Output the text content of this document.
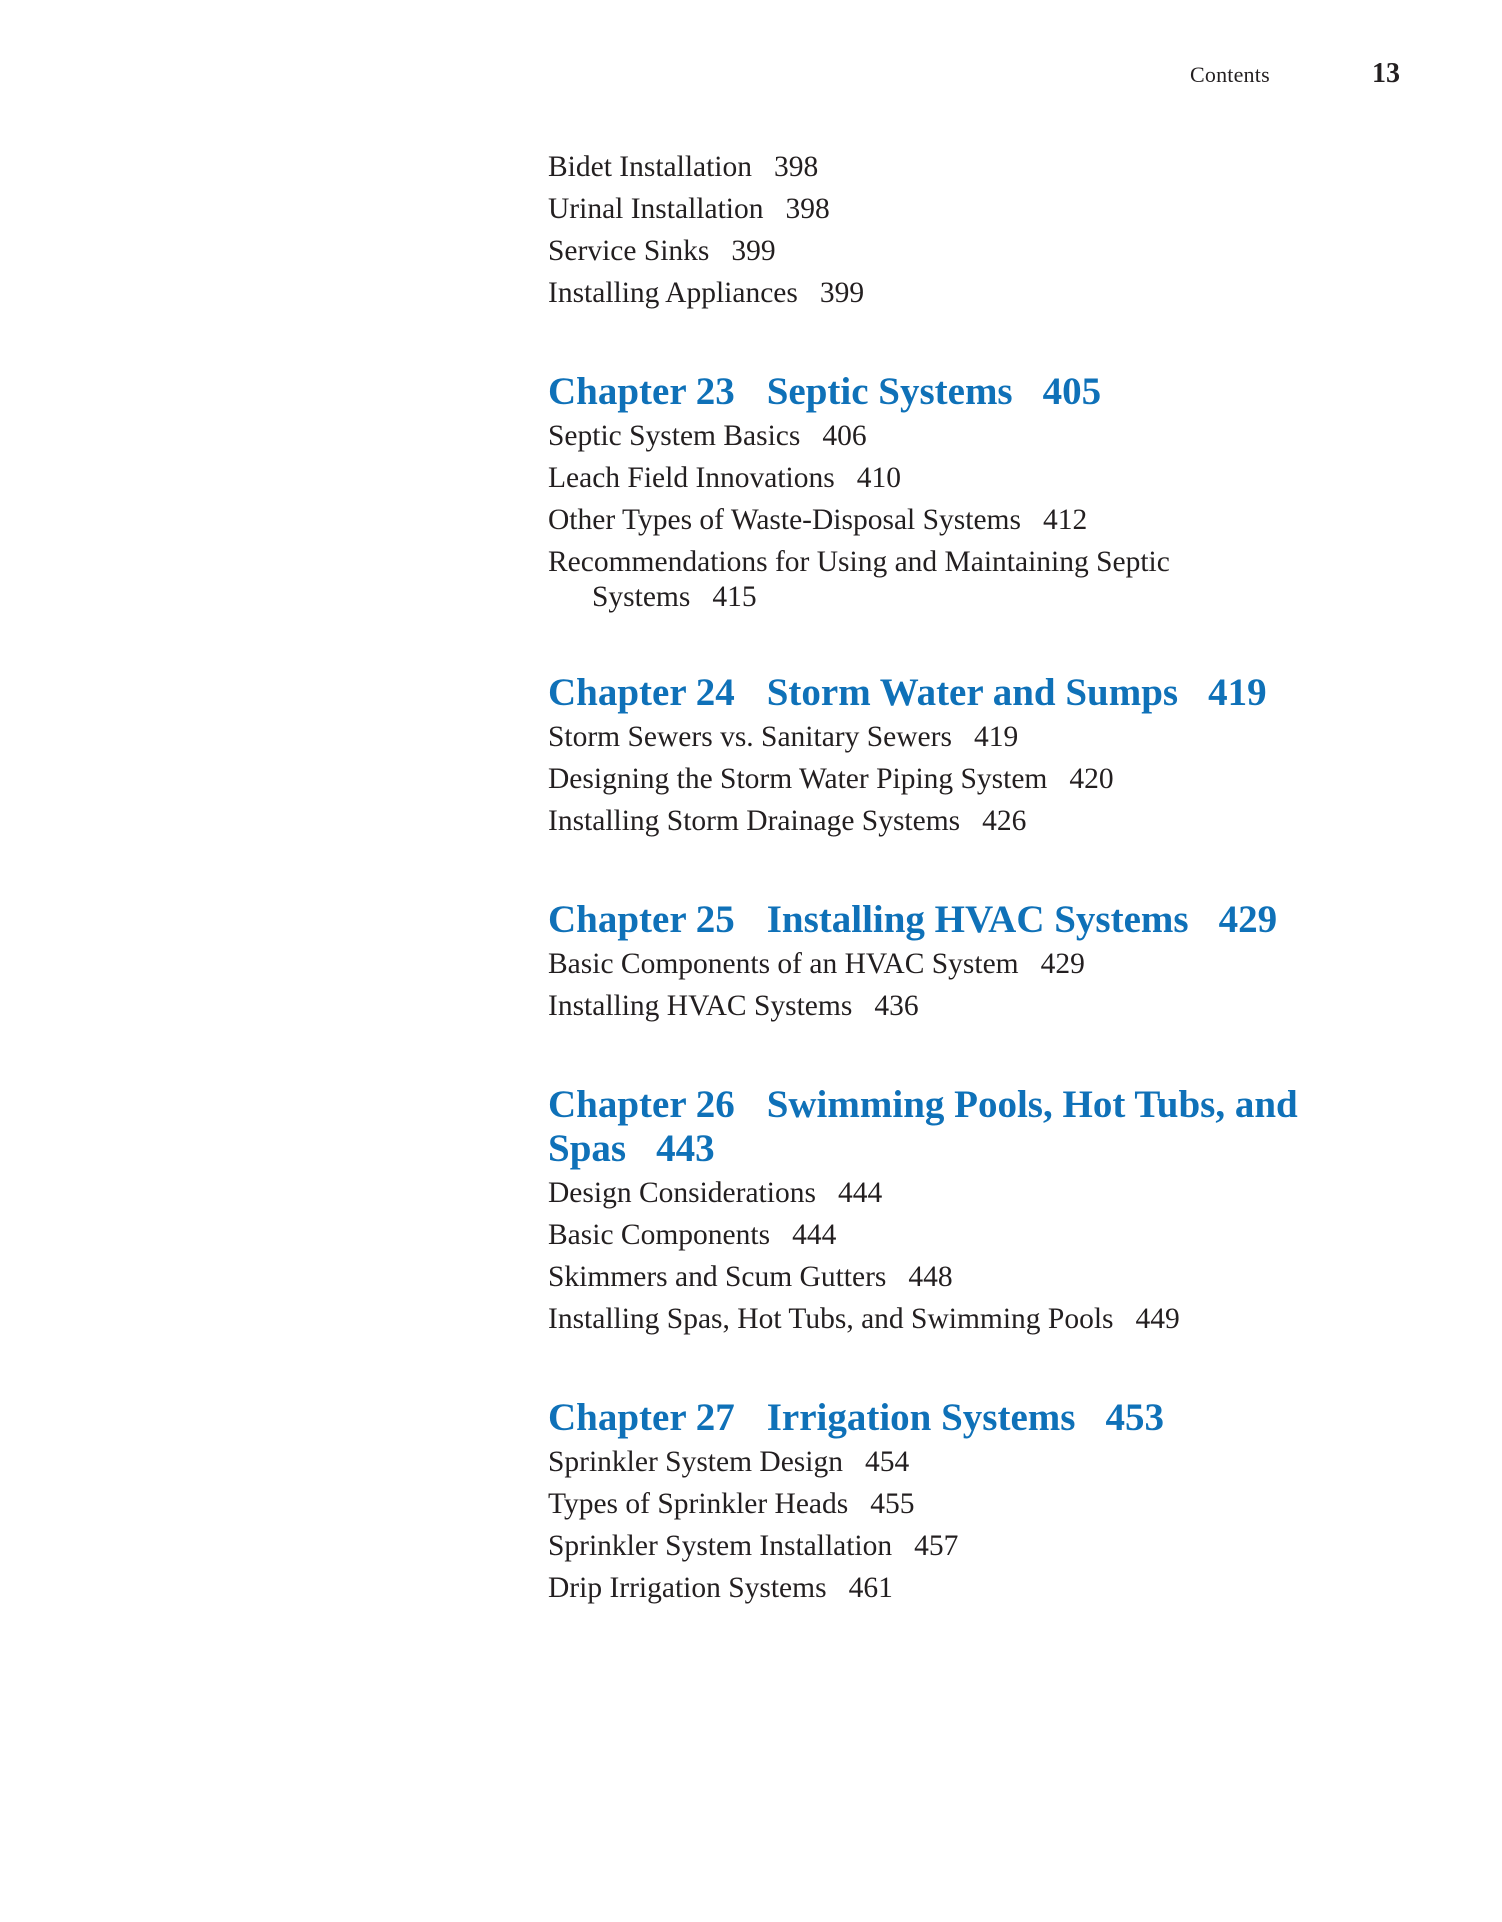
Contents	13

Bidet Installation 398

Urinal Installation 398

Service Sinks 399

Installing Appliances 399

Chapter 23 Septic Systems 405

Septic System Basics 406

Leach Field Innovations 410

Other Types of Waste-Disposal Systems 412

Recommendations for Using and Maintaining Septic Systems 415

Chapter 24 Storm Water and Sumps 419

Storm Sewers vs. Sanitary Sewers 419

Designing the Storm Water Piping System 420

Installing Storm Drainage Systems 426

Chapter 25 Installing HVAC Systems 429

Basic Components of an HVAC System 429

Installing HVAC Systems 436

Chapter 26 Swimming Pools, Hot Tubs, and Spas 443

Design Considerations 444

Basic Components 444

Skimmers and Scum Gutters 448

Installing Spas, Hot Tubs, and Swimming Pools 449

Chapter 27 Irrigation Systems 453

Sprinkler System Design 454

Types of Sprinkler Heads 455

Sprinkler System Installation 457

Drip Irrigation Systems 461
